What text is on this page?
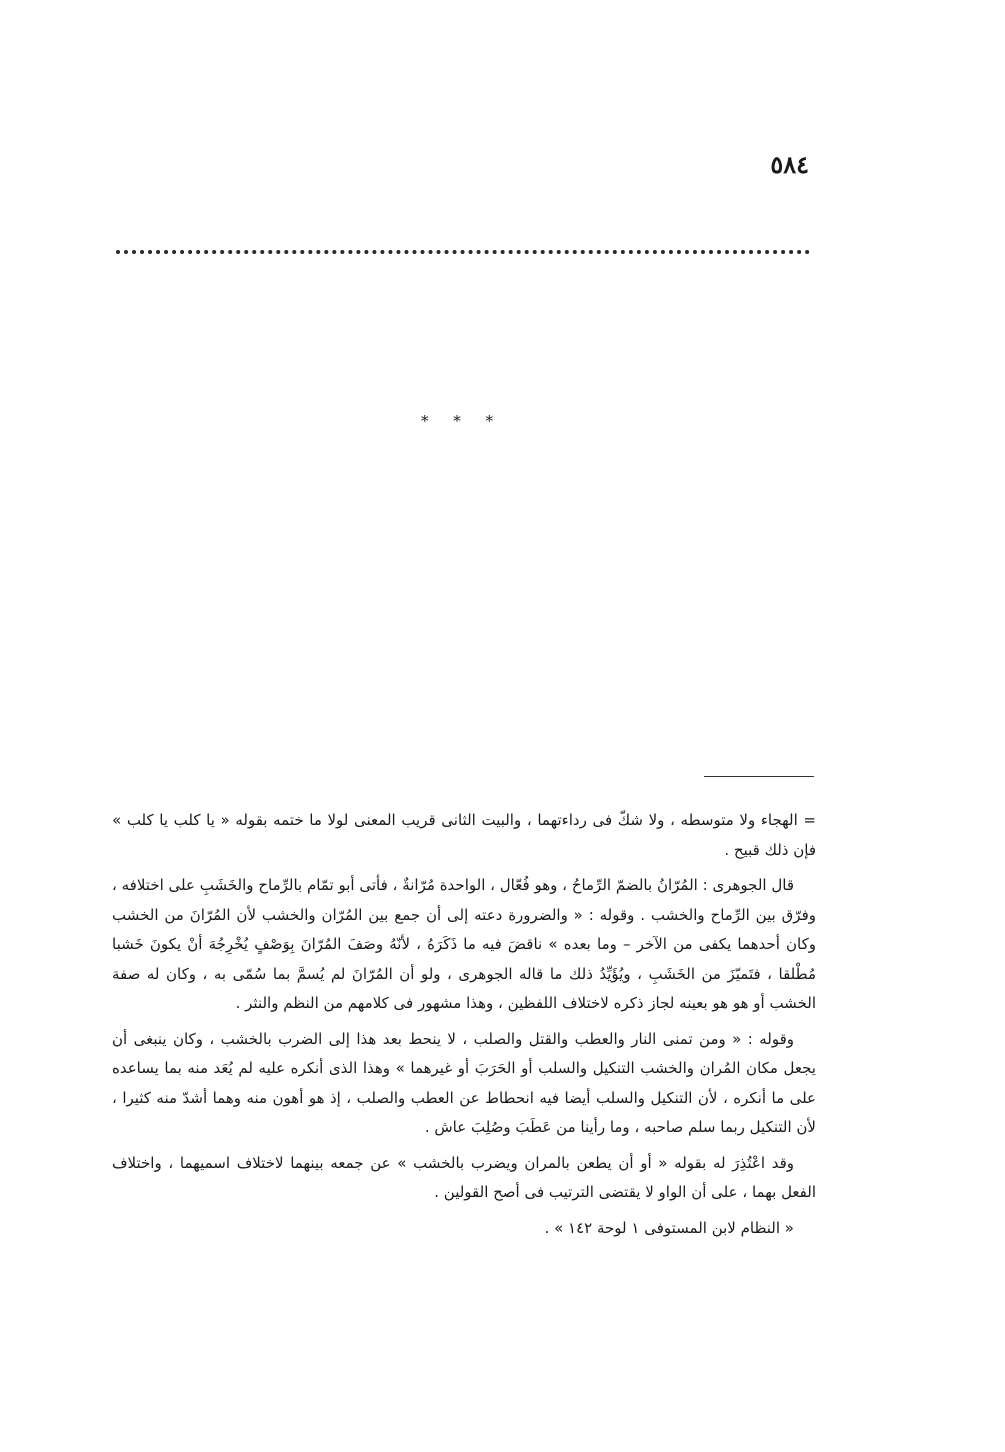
٥٨٤
* * *

= الهجاء ولا متوسطه ، ولا شكّ فى رداءتهما ، والبيت الثانى قريب المعنى لولا ما ختمه بقوله « يا كلب يا كلب » فإن ذلك قبيح .

قال الجوهرى : المُرّانُ بالضمّ الرِّماحُ ، وهو فُعّال ، الواحدة مُرّانةٌ ، فأتى أبو تمّام بالرِّماح والخَشَبِ على اختلافه ، وفرّق بين الرِّماح والخشب . وقوله : « والضرورة دعته إلى أن جمع بين المُرّان والخشب لأن المُرّانَ من الخشب وكان أحدهما يكفى من الآخر – وما بعده » ناقضَ فيه ما ذَكَرَهُ ، لأنّهُ وصَفَ المُرّانَ بِوَصْفٍ يُخْرِجُهَ أنْ يكونَ خَشبا مُطْلقا ، فتَميّزَ من الخَشَبِ ، ويُؤَيِّدُ ذلك ما قاله الجوهرى ، ولو أن المُرّانَ لم يُسمَّ بما سُمّى به ، وكان له صفة الخشب أو هو هو بعينه لجاز ذكره لاختلاف اللفظين ، وهذا مشهور فى كلامهم من النظم والنثر .

وقوله : « ومن تمنى النار والعطب والقتل والصلب ، لا ينحط بعد هذا إلى الضرب بالخشب ، وكان ينبغى أن يجعل مكان المُران والخشب التنكيل والسلب أو الحَرَبَ أو غيرهما » وهذا الذى أنكره عليه لم يُعَد منه بما يساعده على ما أنكره ، لأن التنكيل والسلب أيضا فيه انحطاط عن العطب والصلب ، إذ هو أهون منه وهما أشدّ منه كثيرا ، لأن التنكيل ربما سلم صاحبه ، وما رأينا من عَطَبَ وصُلِبَ عاش .

وقد اعْتُذِرَ له بقوله « أو أن يطعن بالمران ويضرب بالخشب » عن جمعه بينهما لاختلاف اسميهما ، واختلاف الفعل بهما ، على أن الواو لا يقتضى الترتيب فى أصح القولين .

« النظام لابن المستوفى ١ لوحة ١٤٢ » .
